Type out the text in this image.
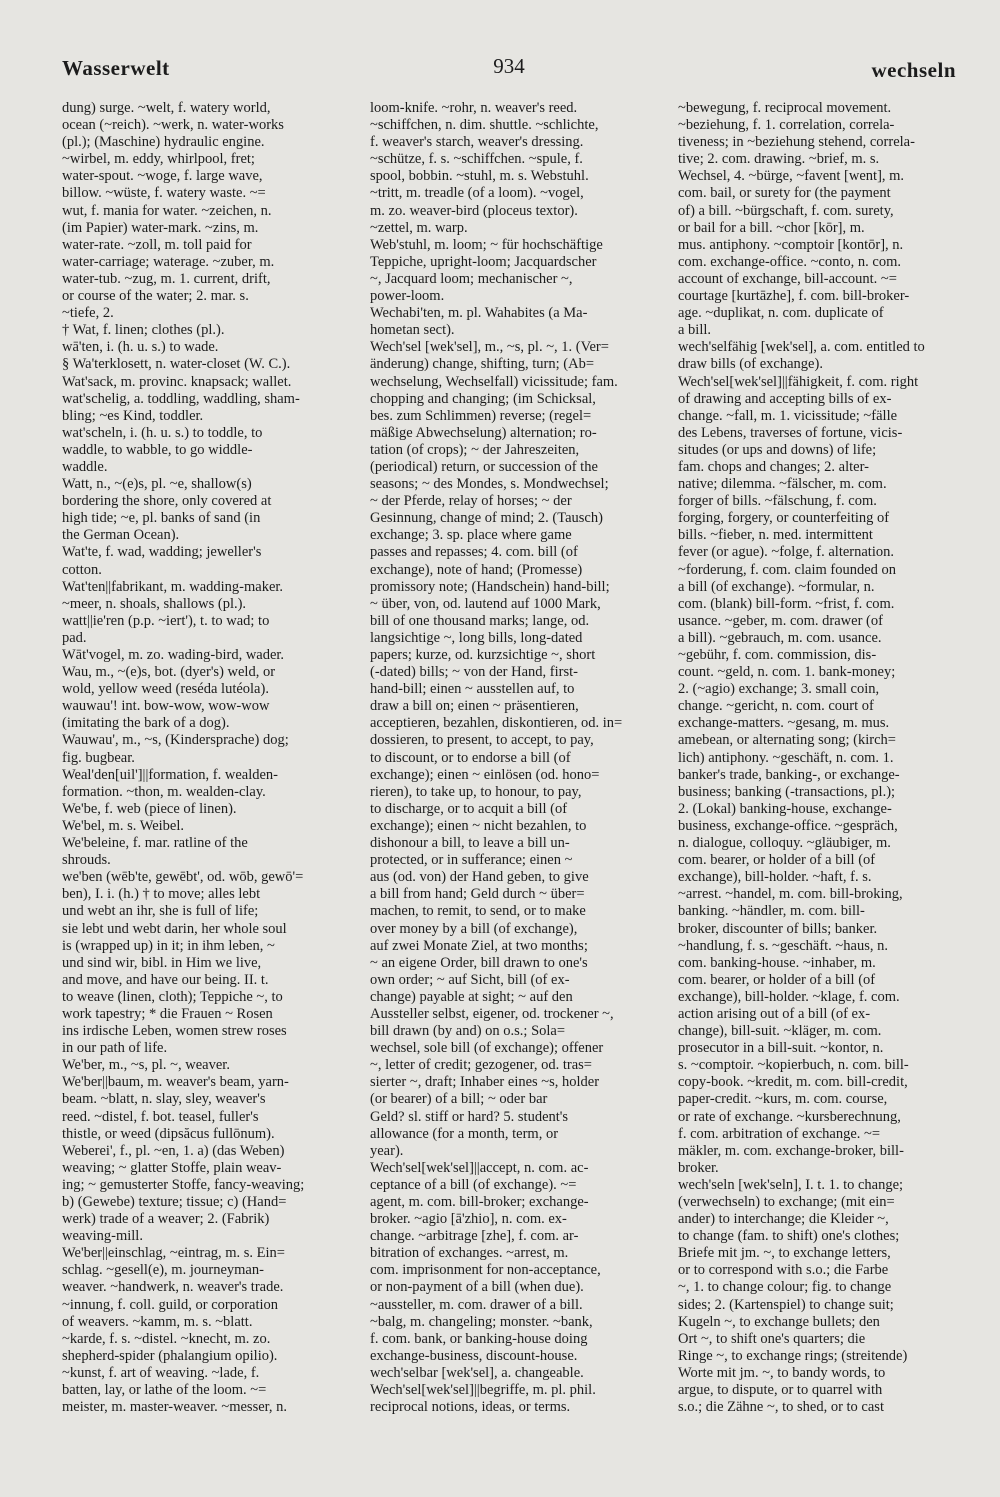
Wasserwelt	934	wechseln
dung) surge. ~welt, f. watery world,
ocean (~reich). ~werk, n. water-works
(pl.); (Maschine) hydraulic engine.
~wirbel, m. eddy, whirlpool, fret;
water-spout. ~woge, f. large wave,
billow. ~wüste, f. watery waste. ~=
wut, f. mania for water. ~zeichen, n.
(im Papier) water-mark. ~zins, m.
water-rate. ~zoll, m. toll paid for
water-carriage; waterage. ~zuber, m.
water-tub. ~zug, m. 1. current, drift,
or course of the water; 2. mar. s.
~tiefe, 2.
† Wat, f. linen; clothes (pl.).
wā'ten, i. (h. u. s.) to wade.
§ Wa'terklosett, n. water-closet (W. C.).
Wat'sack, m. provinc. knapsack; wallet.
wat'schelig, a. toddling, waddling, sham-
bling; ~es Kind, toddler.
wat'scheln, i. (h. u. s.) to toddle, to
waddle, to wabble, to go widdle-
waddle.
Watt, n., ~(e)s, pl. ~e, shallow(s)
bordering the shore, only covered at
high tide; ~e, pl. banks of sand (in
the German Ocean).
Wat'te, f. wad, wadding; jeweller's
cotton.
Wat'ten||fabrikant, m. wadding-maker.
~meer, n. shoals, shallows (pl.).
watt||ie'ren (p.p. ~iert'), t. to wad; to
pad.
Wāt'vogel, m. zo. wading-bird, wader.
Wau, m., ~(e)s, bot. (dyer's) weld, or
wold, yellow weed (reséda lutéola).
wauwau'! int. bow-wow, wow-wow
(imitating the bark of a dog).
Wauwau', m., ~s, (Kindersprache) dog;
fig. bugbear.
Weal'den[uil']||formation, f. wealden-
formation. ~thon, m. wealden-clay.
We'be, f. web (piece of linen).
We'bel, m. s. Weibel.
We'beleine, f. mar. ratline of the
shrouds.
we'ben (wēb'te, gewēbt', od. wōb, gewō'=
ben), I. i. (h.) † to move; alles lebt
und webt an ihr, she is full of life;
sie lebt und webt darin, her whole soul
is (wrapped up) in it; in ihm leben, ~
und sind wir, bibl. in Him we live,
and move, and have our being. II. t.
to weave (linen, cloth); Teppiche ~, to
work tapestry; * die Frauen ~ Rosen
ins irdische Leben, women strew roses
in our path of life.
We'ber, m., ~s, pl. ~, weaver.
We'ber||baum, m. weaver's beam, yarn-
beam. ~blatt, n. slay, sley, weaver's
reed. ~distel, f. bot. teasel, fuller's
thistle, or weed (dipsăcus fullōnum).
Weberei', f., pl. ~en, 1. a) (das Weben)
weaving; ~ glatter Stoffe, plain weav-
ing; ~ gemusterter Stoffe, fancy-weaving;
b) (Gewebe) texture; tissue; c) (Hand=
werk) trade of a weaver; 2. (Fabrik)
weaving-mill.
We'ber||einschlag, ~eintrag, m. s. Ein=
schlag. ~gesell(e), m. journeyman-
weaver. ~handwerk, n. weaver's trade.
~innung, f. coll. guild, or corporation
of weavers. ~kamm, m. s. ~blatt.
~karde, f. s. ~distel. ~knecht, m. zo.
shepherd-spider (phalangium opilio).
~kunst, f. art of weaving. ~lade, f.
batten, lay, or lathe of the loom. ~=
meister, m. master-weaver. ~messer, n.
loom-knife. ~rohr, n. weaver's reed.
~schiffchen, n. dim. shuttle. ~schlichte,
f. weaver's starch, weaver's dressing.
~schütze, f. s. ~schiffchen. ~spule, f.
spool, bobbin. ~stuhl, m. s. Webstuhl.
~tritt, m. treadle (of a loom). ~vogel,
m. zo. weaver-bird (ploceus textor).
~zettel, m. warp.
Web'stuhl, m. loom; ~ für hochschäftige
Teppiche, upright-loom; Jacquardscher
~, Jacquard loom; mechanischer ~,
power-loom.
Wechabi'ten, m. pl. Wahabites (a Ma-
hometan sect).
Wech'sel [wek'sel], m., ~s, pl. ~, 1. (Ver=
änderung) change, shifting, turn; (Ab=
wechselung, Wechselfall) vicissitude; fam.
chopping and changing; (im Schicksal,
bes. zum Schlimmen) reverse; (regel=
mäßige Abwechselung) alternation; ro-
tation (of crops); ~ der Jahreszeiten,
(periodical) return, or succession of the
seasons; ~ des Mondes, s. Mondwechsel;
~ der Pferde, relay of horses; ~ der
Gesinnung, change of mind; 2. (Tausch)
exchange; 3. sp. place where game
passes and repasses; 4. com. bill (of
exchange), note of hand; (Promesse)
promissory note; (Handschein) hand-bill;
~ über, von, od. lautend auf 1000 Mark,
bill of one thousand marks; lange, od.
langsichtige ~, long bills, long-dated
papers; kurze, od. kurzsichtige ~, short
(-dated) bills; ~ von der Hand, first-
hand-bill; einen ~ ausstellen auf, to
draw a bill on; einen ~ präsentieren,
acceptieren, bezahlen, diskontieren, od. in=
dossieren, to present, to accept, to pay,
to discount, or to endorse a bill (of
exchange); einen ~ einlösen (od. hono=
rieren), to take up, to honour, to pay,
to discharge, or to acquit a bill (of
exchange); einen ~ nicht bezahlen, to
dishonour a bill, to leave a bill un-
protected, or in sufferance; einen ~
aus (od. von) der Hand geben, to give
a bill from hand; Geld durch ~ über=
machen, to remit, to send, or to make
over money by a bill (of exchange),
auf zwei Monate Ziel, at two months;
~ an eigene Order, bill drawn to one's
own order; ~ auf Sicht, bill (of ex-
change) payable at sight; ~ auf den
Aussteller selbst, eigener, od. trockener ~,
bill drawn (by and) on o.s.; Sola=
wechsel, sole bill (of exchange); offener
~, letter of credit; gezogener, od. tras=
sierter ~, draft; Inhaber eines ~s, holder
(or bearer) of a bill; ~ oder bar
Geld? sl. stiff or hard? 5. student's
allowance (for a month, term, or
year).
Wech'sel[wek'sel]||accept, n. com. ac-
ceptance of a bill (of exchange). ~=
agent, m. com. bill-broker; exchange-
broker. ~agio [ā'zhio], n. com. ex-
change. ~arbitrage [zhe], f. com. ar-
bitration of exchanges. ~arrest, m.
com. imprisonment for non-acceptance,
or non-payment of a bill (when due).
~aussteller, m. com. drawer of a bill.
~balg, m. changeling; monster. ~bank,
f. com. bank, or banking-house doing
exchange-business, discount-house.
wech'selbar [wek'sel], a. changeable.
Wech'sel[wek'sel]||begriffe, m. pl. phil.
reciprocal notions, ideas, or terms.
~bewegung, f. reciprocal movement.
~beziehung, f. 1. correlation, correla-
tiveness; in ~beziehung stehend, correla-
tive; 2. com. drawing. ~brief, m. s.
Wechsel, 4. ~bürge, ~favent [went], m.
com. bail, or surety for (the payment
of) a bill. ~bürgschaft, f. com. surety,
or bail for a bill. ~chor [kōr], m.
mus. antiphony. ~comptoir [kontōr], n.
com. exchange-office. ~conto, n. com.
account of exchange, bill-account. ~=
courtage [kurtāzhe], f. com. bill-broker-
age. ~duplikat, n. com. duplicate of
a bill.
wech'selfähig [wek'sel], a. com. entitled to
draw bills (of exchange).
Wech'sel[wek'sel]||fähigkeit, f. com. right
of drawing and accepting bills of ex-
change. ~fall, m. 1. vicissitude; ~fälle
des Lebens, traverses of fortune, vicis-
situdes (or ups and downs) of life;
fam. chops and changes; 2. alter-
native; dilemma. ~fälscher, m. com.
forger of bills. ~fälschung, f. com.
forging, forgery, or counterfeiting of
bills. ~fieber, n. med. intermittent
fever (or ague). ~folge, f. alternation.
~forderung, f. com. claim founded on
a bill (of exchange). ~formular, n.
com. (blank) bill-form. ~frist, f. com.
usance. ~geber, m. com. drawer (of
a bill). ~gebrauch, m. com. usance.
~gebühr, f. com. commission, dis-
count. ~geld, n. com. 1. bank-money;
2. (~agio) exchange; 3. small coin,
change. ~gericht, n. com. court of
exchange-matters. ~gesang, m. mus.
amebean, or alternating song; (kirch=
lich) antiphony. ~geschäft, n. com. 1.
banker's trade, banking-, or exchange-
business; banking (-transactions, pl.);
2. (Lokal) banking-house, exchange-
business, exchange-office. ~gespräch,
n. dialogue, colloquy. ~gläubiger, m.
com. bearer, or holder of a bill (of
exchange), bill-holder. ~haft, f. s.
~arrest. ~handel, m. com. bill-broking,
banking. ~händler, m. com. bill-
broker, discounter of bills; banker.
~handlung, f. s. ~geschäft. ~haus, n.
com. banking-house. ~inhaber, m.
com. bearer, or holder of a bill (of
exchange), bill-holder. ~klage, f. com.
action arising out of a bill (of ex-
change), bill-suit. ~kläger, m. com.
prosecutor in a bill-suit. ~kontor, n.
s. ~comptoir. ~kopierbuch, n. com. bill-
copy-book. ~kredit, m. com. bill-credit,
paper-credit. ~kurs, m. com. course,
or rate of exchange. ~kursberechnung,
f. com. arbitration of exchange. ~=
mäkler, m. com. exchange-broker, bill-
broker.
wech'seln [wek'seln], I. t. 1. to change;
(verwechseln) to exchange; (mit ein=
ander) to interchange; die Kleider ~,
to change (fam. to shift) one's clothes;
Briefe mit jm. ~, to exchange letters,
or to correspond with s.o.; die Farbe
~, 1. to change colour; fig. to change
sides; 2. (Kartenspiel) to change suit;
Kugeln ~, to exchange bullets; den
Ort ~, to shift one's quarters; die
Ringe ~, to exchange rings; (streitende)
Worte mit jm. ~, to bandy words, to
argue, to dispute, or to quarrel with
s.o.; die Zähne ~, to shed, or to cast
